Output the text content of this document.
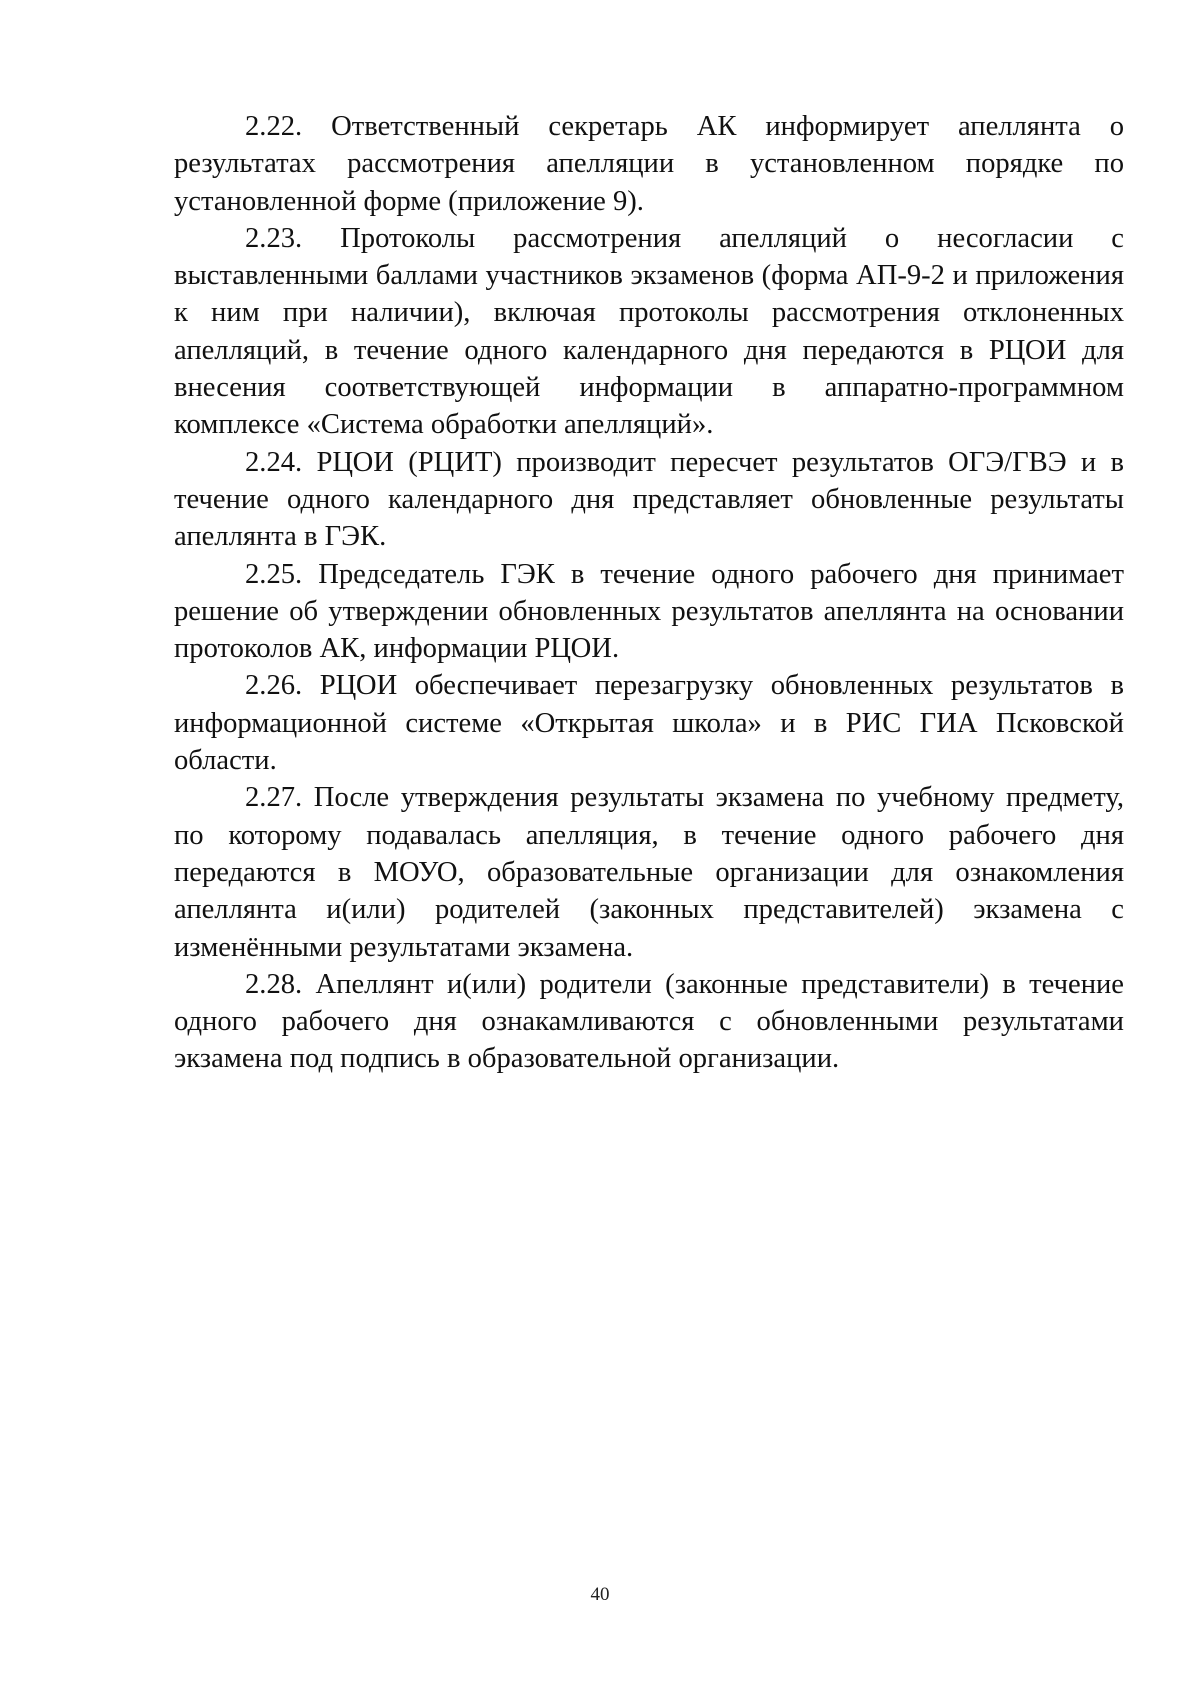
2.22. Ответственный секретарь АК информирует апеллянта о результатах рассмотрения апелляции в установленном порядке по установленной форме (приложение 9).

2.23. Протоколы рассмотрения апелляций о несогласии с выставленными баллами участников экзаменов (форма АП-9-2 и приложения к ним при наличии), включая протоколы рассмотрения отклоненных апелляций, в течение одного календарного дня передаются в РЦОИ для внесения соответствующей информации в аппаратно-программном комплексе «Система обработки апелляций».

2.24. РЦОИ (РЦИТ) производит пересчет результатов ОГЭ/ГВЭ и в течение одного календарного дня представляет обновленные результаты апеллянта в ГЭК.

2.25. Председатель ГЭК в течение одного рабочего дня принимает решение об утверждении обновленных результатов апеллянта на основании протоколов АК, информации РЦОИ.

2.26. РЦОИ обеспечивает перезагрузку обновленных результатов в информационной системе «Открытая школа» и в РИС ГИА Псковской области.

2.27. После утверждения результаты экзамена по учебному предмету, по которому подавалась апелляция, в течение одного рабочего дня передаются в МОУО, образовательные организации для ознакомления апеллянта и(или) родителей (законных представителей) экзамена с изменёнными результатами экзамена.

2.28. Апеллянт и(или) родители (законные представители) в течение одного рабочего дня ознакамливаются с обновленными результатами экзамена под подпись в образовательной организации.

40
